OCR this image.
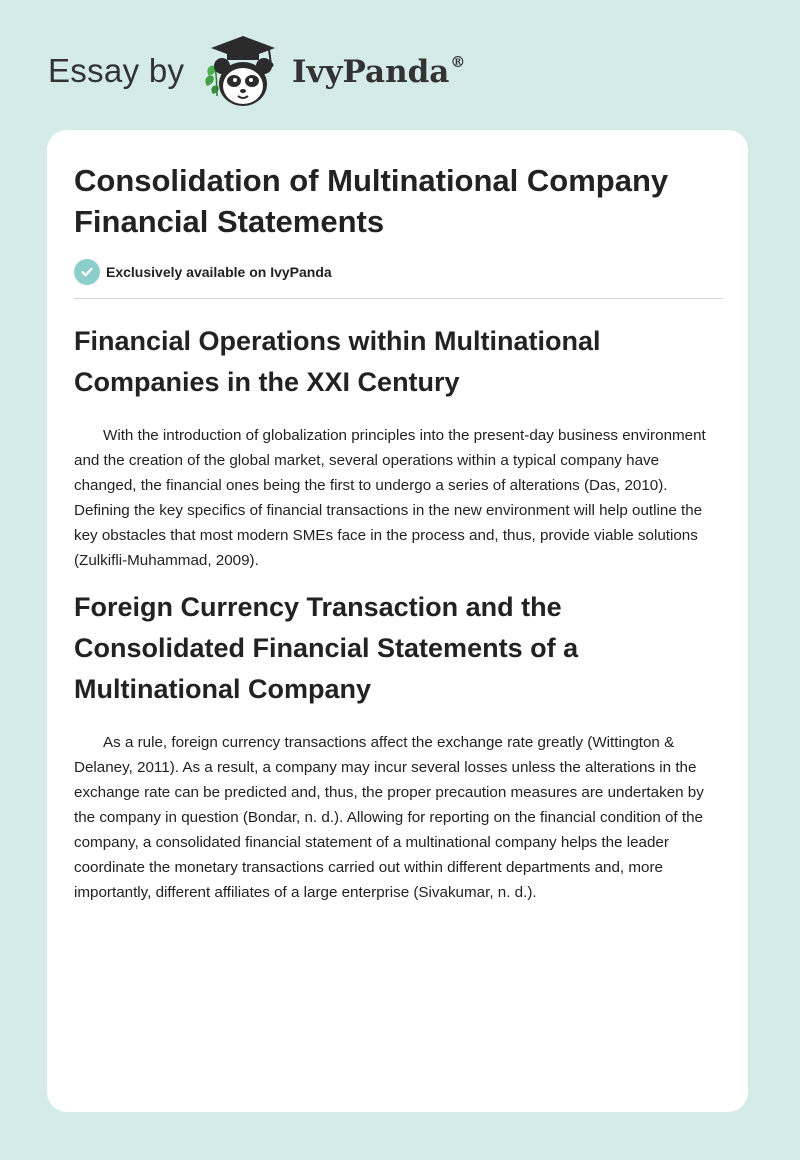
Essay by	IvyPanda®
Consolidation of Multinational Company Financial Statements
Exclusively available on IvyPanda
Financial Operations within Multinational Companies in the XXI Century

With the introduction of globalization principles into the present-day business environment and the creation of the global market, several operations within a typical company have changed, the financial ones being the first to undergo a series of alterations (Das, 2010). Defining the key specifics of financial transactions in the new environment will help outline the key obstacles that most modern SMEs face in the process and, thus, provide viable solutions (Zulkifli-Muhammad, 2009).

Foreign Currency Transaction and the Consolidated Financial Statements of a Multinational Company

As a rule, foreign currency transactions affect the exchange rate greatly (Wittington & Delaney, 2011). As a result, a company may incur several losses unless the alterations in the exchange rate can be predicted and, thus, the proper precaution measures are undertaken by the company in question (Bondar, n. d.). Allowing for reporting on the financial condition of the company, a consolidated financial statement of a multinational company helps the leader coordinate the monetary transactions carried out within different departments and, more importantly, different affiliates of a large enterprise (Sivakumar, n. d.).
